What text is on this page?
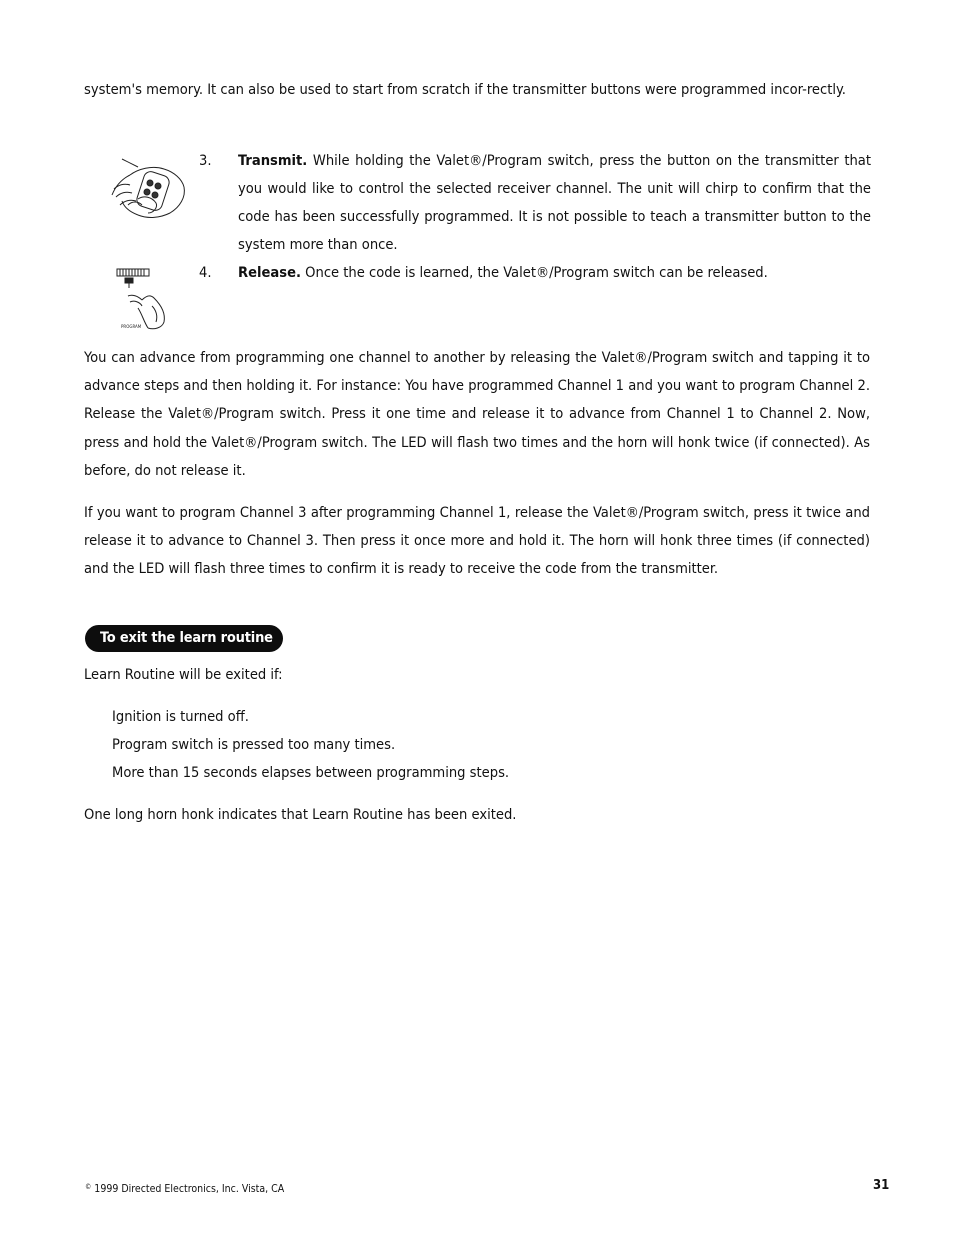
system's memory. It can also be used to start from scratch if the transmitter buttons were programmed incor-rectly.

3.	Transmit. While holding the Valet®/Program switch, press the button on the transmitter that you would like to control the selected receiver channel. The unit will chirp to confirm that the code has been successfully programmed. It is not possible to teach a transmitter button to the system more than once.

PROGRAM
4.	Release. Once the code is learned, the Valet®/Program switch can be released.

You can advance from programming one channel to another by releasing the Valet®/Program switch and tapping it to advance steps and then holding it. For instance: You have programmed Channel 1 and you want to program Channel 2. Release the Valet®/Program switch. Press it one time and release it to advance from Channel 1 to Channel 2. Now, press and hold the Valet®/Program switch. The LED will flash two times and the horn will honk twice (if connected). As before, do not release it.

If you want to program Channel 3 after programming Channel 1, release the Valet®/Program switch, press it twice and release it to advance to Channel 3. Then press it once more and hold it. The horn will honk three times (if connected) and the LED will flash three times to confirm it is ready to receive the code from the transmitter.

To exit the learn routine

Learn Routine will be exited if:

Ignition is turned off.
Program switch is pressed too many times.
More than 15 seconds elapses between programming steps.

One long horn honk indicates that Learn Routine has been exited.

© 1999 Directed Electronics, Inc. Vista, CA	31
